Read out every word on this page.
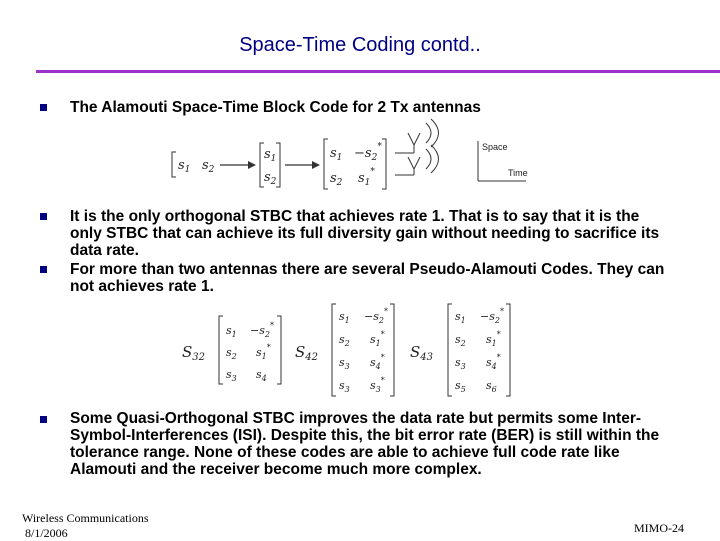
Space-Time Coding contd..
The Alamouti Space-Time Block Code for 2 Tx antennas
$s_1$ $s_2$
$s_1$
$s_2$
$s_1 -s_2^*$
$s_2$ $s_1^*$
Space
Time
It is the only orthogonal STBC that achieves rate 1. That is to say that it is the only STBC that can achieve its full diversity gain without needing to sacrifice its data rate.
For more than two antennas there are several Pseudo-Alamouti Codes. They can not achieves rate 1.
$S_{32}$
$s_1 -s_2^*$
$s_2$ $s_1^*$
$s_3$ $s_4$
$S_{42}$
$s_1 -s_2^*$
$s_2$ $s_1^*$
$s_3$ $s_4^*$
$s_3$ $s_3^*$
$S_{43}$
$s_1 -s_2^*$
$s_2$ $s_1^*$
$s_3$ $s_4^*$
$s_5$ $s_6$
Some Quasi-Orthogonal STBC improves the data rate but permits some Inter-Symbol-Interferences (ISI). Despite this, the bit error rate (BER) is still within the tolerance range. None of these codes are able to achieve full code rate like Alamouti and the receiver become much more complex.
Wireless Communications
8/1/2006	MIMO-24
